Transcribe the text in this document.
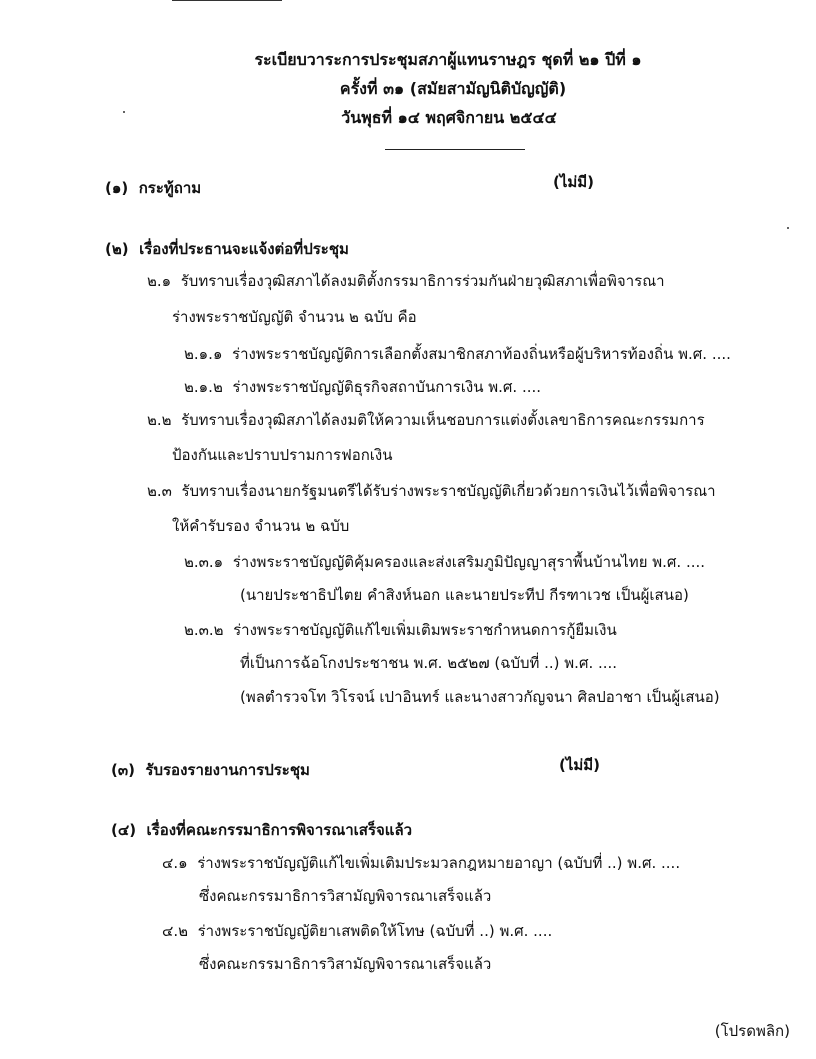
ระเบียบวาระการประชุมสภาผู้แทนราษฎร ชุดที่ ๒๑ ปีที่ ๑
ครั้งที่ ๓๑ (สมัยสามัญนิติบัญญัติ)
วันพุธที่ ๑๔ พฤศจิกายน ๒๕๔๔
(๑) กระทู้ถาม	(ไม่มี)
(๒) เรื่องที่ประธานจะแจ้งต่อที่ประชุม
๒.๑ รับทราบเรื่องวุฒิสภาได้ลงมติตั้งกรรมาธิการร่วมกันฝ่ายวุฒิสภาเพื่อพิจารณา
ร่างพระราชบัญญัติ จำนวน ๒ ฉบับ คือ
๒.๑.๑ ร่างพระราชบัญญัติการเลือกตั้งสมาชิกสภาท้องถิ่นหรือผู้บริหารท้องถิ่น พ.ศ. ....
๒.๑.๒ ร่างพระราชบัญญัติธุรกิจสถาบันการเงิน พ.ศ. ....
๒.๒ รับทราบเรื่องวุฒิสภาได้ลงมติให้ความเห็นชอบการแต่งตั้งเลขาธิการคณะกรรมการ
ป้องกันและปราบปรามการฟอกเงิน
๒.๓ รับทราบเรื่องนายกรัฐมนตรีได้รับร่างพระราชบัญญัติเกี่ยวด้วยการเงินไว้เพื่อพิจารณา
ให้คำรับรอง จำนวน ๒ ฉบับ
๒.๓.๑ ร่างพระราชบัญญัติคุ้มครองและส่งเสริมภูมิปัญญาสุราพื้นบ้านไทย พ.ศ. ....
(นายประชาธิปไตย คำสิงห์นอก และนายประทีป กีรฑาเวช เป็นผู้เสนอ)
๒.๓.๒ ร่างพระราชบัญญัติแก้ไขเพิ่มเติมพระราชกำหนดการกู้ยืมเงิน
ที่เป็นการฉ้อโกงประชาชน พ.ศ. ๒๕๒๗ (ฉบับที่ ..) พ.ศ. ....
(พลตำรวจโท วิโรจน์ เปาอินทร์ และนางสาวกัญจนา ศิลปอาชา เป็นผู้เสนอ)
(๓) รับรองรายงานการประชุม	(ไม่มี)
(๔) เรื่องที่คณะกรรมาธิการพิจารณาเสร็จแล้ว
๔.๑ ร่างพระราชบัญญัติแก้ไขเพิ่มเติมประมวลกฎหมายอาญา (ฉบับที่ ..) พ.ศ. ....
ซึ่งคณะกรรมาธิการวิสามัญพิจารณาเสร็จแล้ว
๔.๒ ร่างพระราชบัญญัติยาเสพติดให้โทษ (ฉบับที่ ..) พ.ศ. ....
ซึ่งคณะกรรมาธิการวิสามัญพิจารณาเสร็จแล้ว
(โปรดพลิก)
